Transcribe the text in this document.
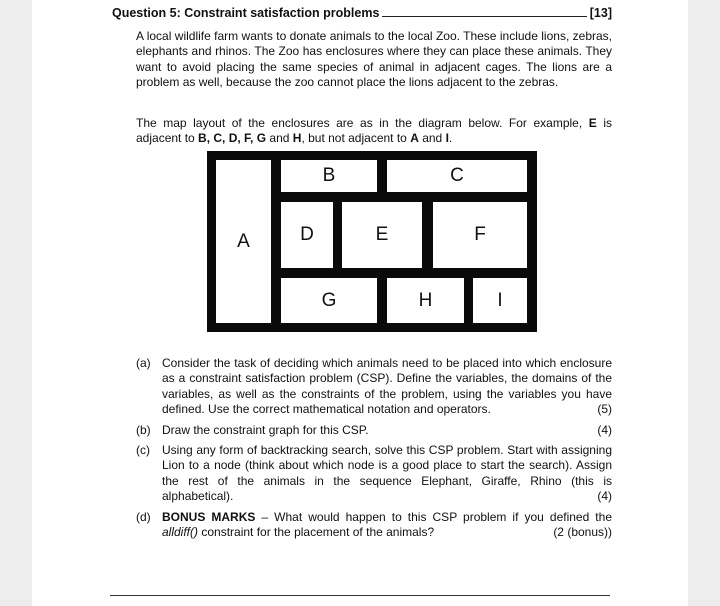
Question 5: Constraint satisfaction problems	[13]

A local wildlife farm wants to donate animals to the local Zoo. These include lions, zebras, elephants and rhinos. The Zoo has enclosures where they can place these animals. They want to avoid placing the same species of animal in adjacent cages. The lions are a problem as well, because the zoo cannot place the lions adjacent to the zebras.

The map layout of the enclosures are as in the diagram below. For example, E is adjacent to B, C, D, F, G and H, but not adjacent to A and I.

A
B	C
D	E	F
G	H	I
(a) Consider the task of deciding which animals need to be placed into which enclosure as a constraint satisfaction problem (CSP). Define the variables, the domains of the variables, as well as the constraints of the problem, using the variables you have defined. Use the correct mathematical notation and operators.	(5)
(b) Draw the constraint graph for this CSP.	(4)
(c)	Using any form of backtracking search, solve this CSP problem. Start with assigning Lion to a node (think about which node is a good place to start the search). Assign the rest of the animals in the sequence Elephant, Giraffe, Rhino (this is alphabetical).	(4)
(d) BONUS MARKS – What would happen to this CSP problem if you defined the alldiff() constraint for the placement of the animals?	(2 (bonus))
